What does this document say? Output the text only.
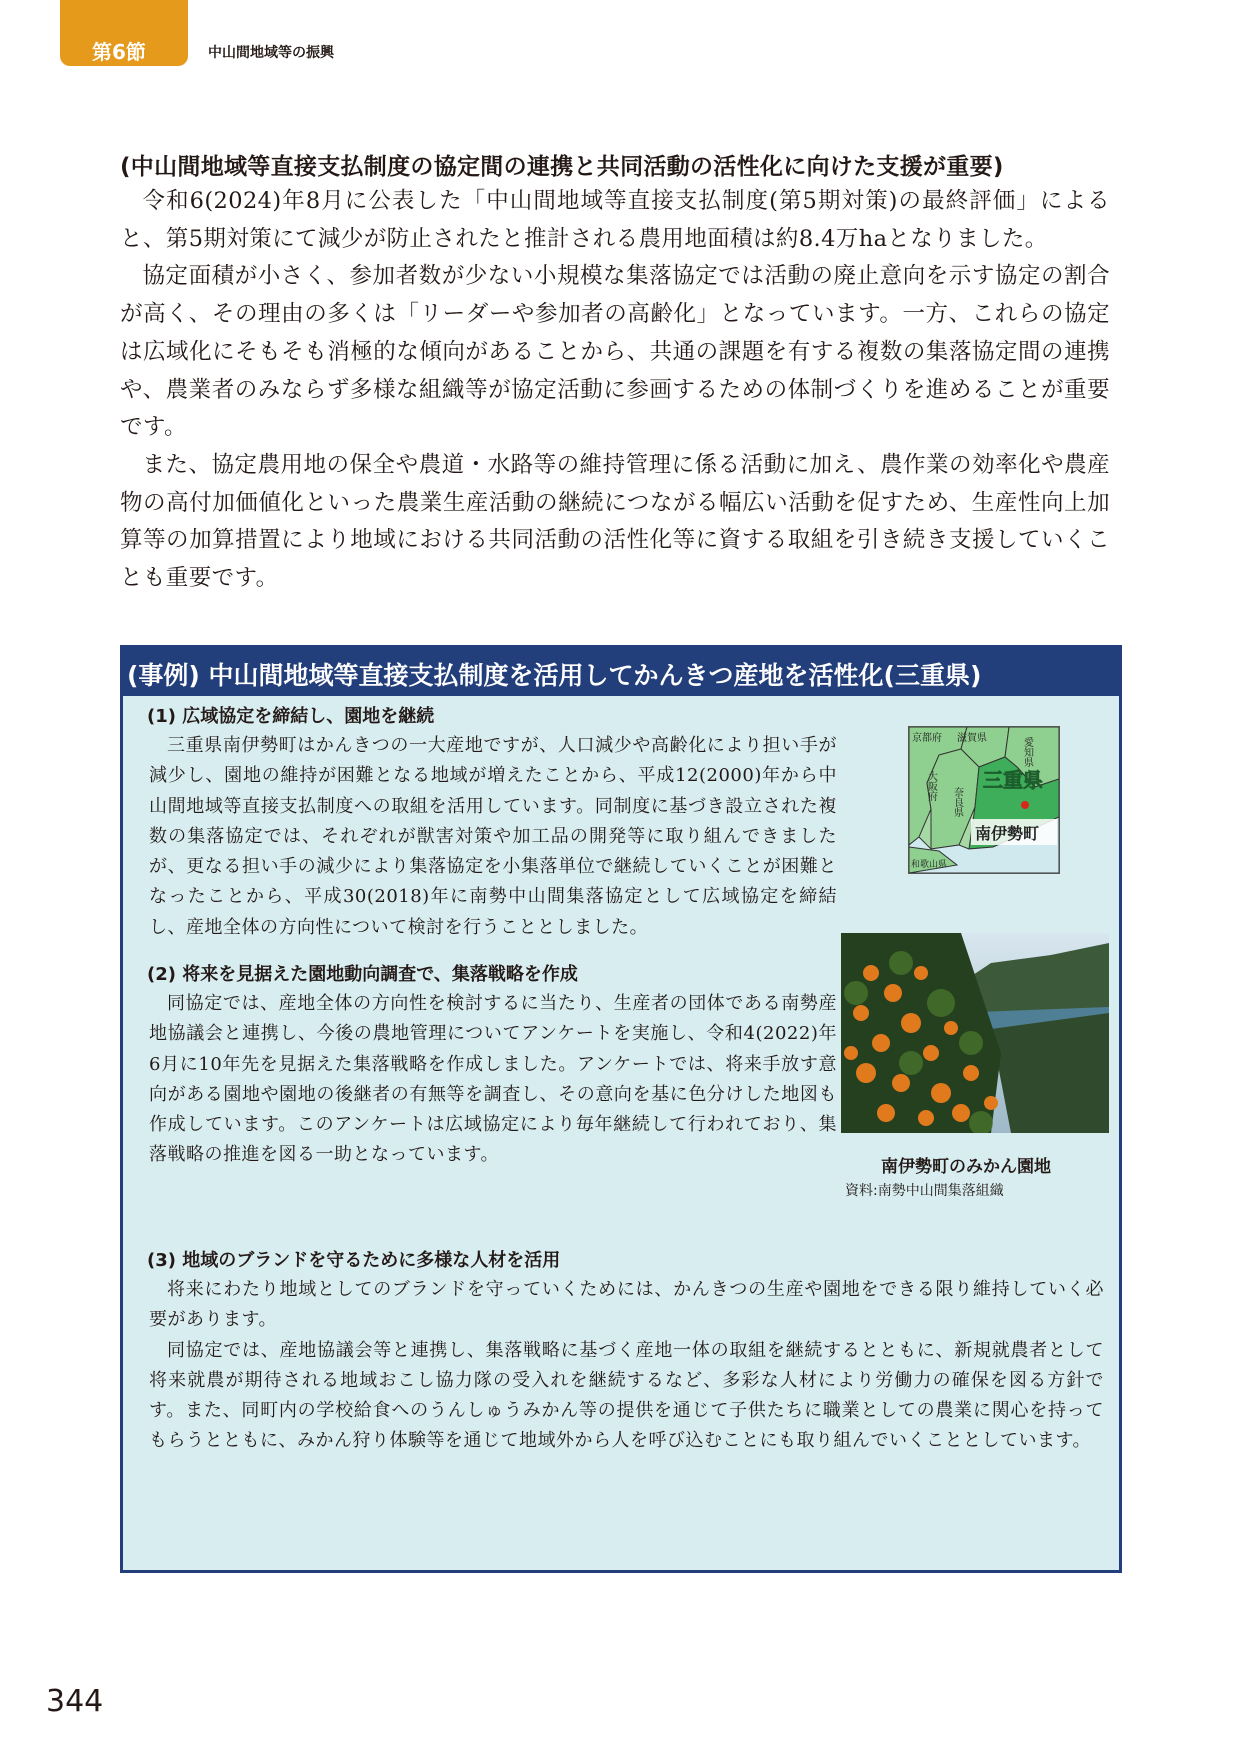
第6節	中山間地域等の振興
(中山間地域等直接支払制度の協定間の連携と共同活動の活性化に向けた支援が重要)

令和6(2024)年8月に公表した「中山間地域等直接支払制度(第5期対策)の最終評価」によると、第5期対策にて減少が防止されたと推計される農用地面積は約8.4万haとなりました。

協定面積が小さく、参加者数が少ない小規模な集落協定では活動の廃止意向を示す協定の割合が高く、その理由の多くは「リーダーや参加者の高齢化」となっています。一方、これらの協定は広域化にそもそも消極的な傾向があることから、共通の課題を有する複数の集落協定間の連携や、農業者のみならず多様な組織等が協定活動に参画するための体制づくりを進めることが重要です。

また、協定農用地の保全や農道・水路等の維持管理に係る活動に加え、農作業の効率化や農産物の高付加価値化といった農業生産活動の継続につながる幅広い活動を促すため、生産性向上加算等の加算措置により地域における共同活動の活性化等に資する取組を引き続き支援していくことも重要です。

(事例) 中山間地域等直接支払制度を活用してかんきつ産地を活性化(三重県)
(1) 広域協定を締結し、園地を継続

三重県南伊勢町はかんきつの一大産地ですが、人口減少や高齢化により担い手が減少し、園地の維持が困難となる地域が増えたことから、平成12(2000)年から中山間地域等直接支払制度への取組を活用しています。同制度に基づき設立された複数の集落協定では、それぞれが獣害対策や加工品の開発等に取り組んできましたが、更なる担い手の減少により集落協定を小集落単位で継続していくことが困難となったことから、平成30(2018)年に南勢中山間集落協定として広域協定を締結し、産地全体の方向性について検討を行うこととしました。

京都府 滋賀県	愛知県
大阪府
奈良県
三重県
和歌山県
南伊勢町
南伊勢町のみかん園地
資料:南勢中山間集落組織
(2) 将来を見据えた園地動向調査で、集落戦略を作成

同協定では、産地全体の方向性を検討するに当たり、生産者の団体である南勢産地協議会と連携し、今後の農地管理についてアンケートを実施し、令和4(2022)年6月に10年先を見据えた集落戦略を作成しました。アンケートでは、将来手放す意向がある園地や園地の後継者の有無等を調査し、その意向を基に色分けした地図も作成しています。このアンケートは広域協定により毎年継続して行われており、集落戦略の推進を図る一助となっています。

(3) 地域のブランドを守るために多様な人材を活用

将来にわたり地域としてのブランドを守っていくためには、かんきつの生産や園地をできる限り維持していく必要があります。

同協定では、産地協議会等と連携し、集落戦略に基づく産地一体の取組を継続するとともに、新規就農者として将来就農が期待される地域おこし協力隊の受入れを継続するなど、多彩な人材により労働力の確保を図る方針です。また、同町内の学校給食へのうんしゅうみかん等の提供を通じて子供たちに職業としての農業に関心を持ってもらうとともに、みかん狩り体験等を通じて地域外から人を呼び込むことにも取り組んでいくこととしています。

344
